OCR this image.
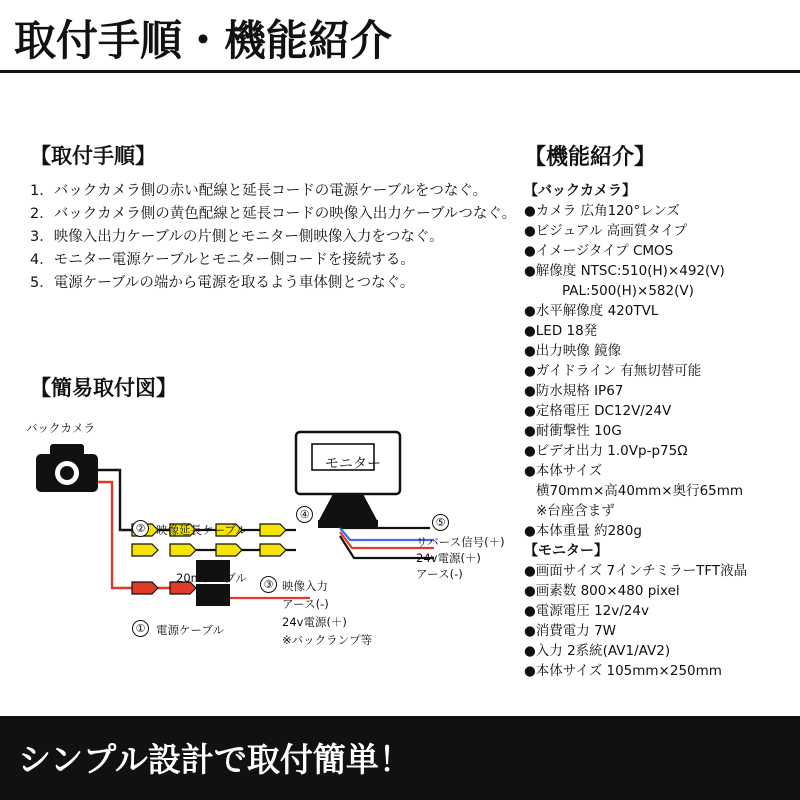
取付手順・機能紹介
【取付手順】
1．バックカメラ側の赤い配線と延長コードの電源ケーブルをつなぐ。
2．バックカメラ側の黄色配線と延長コードの映像入出力ケーブルつなぐ。
3．映像入出力ケーブルの片側とモニター側映像入力をつなぐ。
4．モニター電源ケーブルとモニター側コードを接続する。
5．電源ケーブルの端から電源を取るよう車体側とつなぐ。
【機能紹介】
【バックカメラ】
●カメラ 広角120°レンズ
●ビジュアル 高画質タイプ
●イメージタイプ CMOS
●解像度 NTSC:510(H)×492(V)
PAL:500(H)×582(V)
●水平解像度 420TVL
●LED 18発
●出力映像 鏡像
●ガイドライン 有無切替可能
●防水規格 IP67
●定格電圧 DC12V/24V
●耐衝撃性 10G
●ビデオ出力 1.0Vp-p75Ω
●本体サイズ
横70mm×高40mm×奥行65mm
※台座含まず
●本体重量 約280g
【モニター】
●画面サイズ 7インチミラーTFT液晶
●画素数 800×480 pixel
●電源電圧 12v/24v
●消費電力 7W
●入力 2系統(AV1/AV2)
●本体サイズ 105mm×250mm
【簡易取付図】
バックカメラ
モニター
② 映像延長ケーブル
20mケーブル	③ 映像入力
アース(-)
24v電源(＋)
※バックランプ等
① 電源ケーブル
④
⑤
リバース信号(＋)
24v電源(＋)
アース(-)
シンプル設計で取付簡単！
